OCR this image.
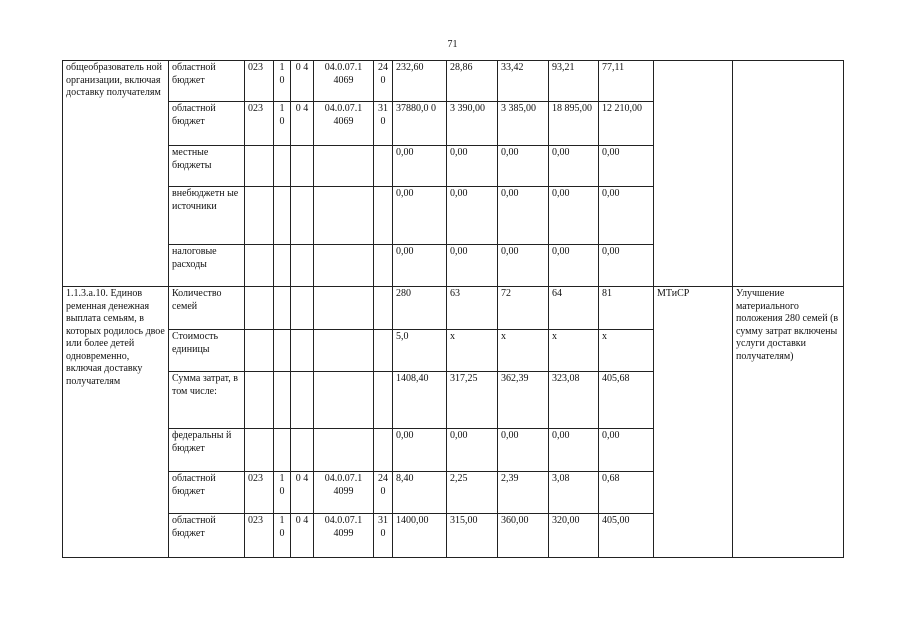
71
общеобразователь ной организации, включая доставку получателям	областной бюджет	023	1 0	0 4	04.0.07.1 4069	24 0	232,60	28,86	33,42	93,21	77,11		
	областной бюджет	023	1 0	0 4	04.0.07.1 4069	31 0	37880,0 0	3 390,00	3 385,00	18 895,00	12 210,00		
	местные бюджеты						0,00	0,00	0,00	0,00	0,00		
	внебюджетн ые источники						0,00	0,00	0,00	0,00	0,00		
	налоговые расходы						0,00	0,00	0,00	0,00	0,00		
1.1.3.а.10. Единов ременная денежная выплата семьям, в которых родилось двое или более детей одновременно, включая доставку получателям	Количество семей						280	63	72	64	81	МТиСР	Улучшение материального положения 280 семей (в сумму затрат включены услуги доставки получателям)
	Стоимость единицы						5,0	х	х	х	х		
	Сумма затрат, в том числе:						1408,40	317,25	362,39	323,08	405,68		
	федеральны й бюджет						0,00	0,00	0,00	0,00	0,00		
	областной бюджет	023	1 0	0 4	04.0.07.1 4099	24 0	8,40	2,25	2,39	3,08	0,68		
	областной бюджет	023	1 0	0 4	04.0.07.1 4099	31 0	1400,00	315,00	360,00	320,00	405,00		
